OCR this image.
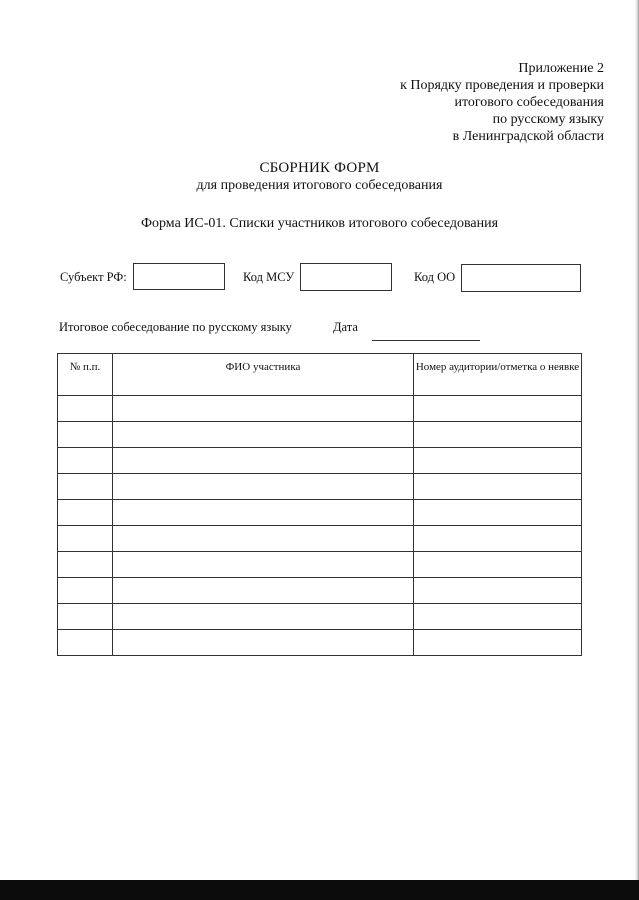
Приложение 2
к Порядку проведения и проверки
итогового собеседования
по русскому языку
в Ленинградской области
СБОРНИК ФОРМ
для проведения итогового собеседования
Форма ИС-01. Списки участников итогового собеседования
Субъект РФ:	Код МСУ	Код ОО
Итоговое собеседование по русскому языку	Дата
№ п.п.	ФИО участника	Номер аудитории/отметка о неявке
